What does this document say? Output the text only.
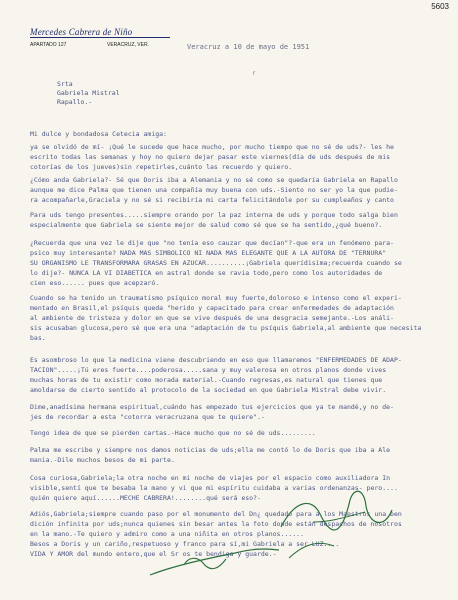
5603
Mercedes Cabrera de Niño
APARTADO 127	VERACRUZ, VER.	Veracruz a 10 de mayo de 1951
r
Srta
Gabriela Mistral
Rapallo.-
Mi dulce y bondadosa Cetecia amiga:
ya se olvidó de mí- ¡Qué le sucede que hace mucho, por mucho tiempo que no sé de uds?- les he
escrito todas las semanas y hoy no quiero dejar pasar este viernes(día de uds después de mis
cotorías de los jueves)sin repetirles,cuánto las recuerdo y quiero.
¿Cómo anda Gabriela?- Sé que Doris iba a Alemania y no sé como se quedaría Gabriela en Rapallo
aunque me dice Palma que tienen una compañía muy buena con uds.-Siento no ser yo la que pudie-
ra acompañarle,Graciela y no sé si recibiría mi carta felicitándole por su cumpleaños y canto
Para uds tengo presentes.....siempre orando por la paz interna de uds y porque todo salga bien
especialmente que Gabriela se siente mejor de salud como sé que se ha sentido,¿qué bueno?.
¿Recuerda que una vez le dije que "no tenía eso cauzar que decían"?-que era un fenómeno para-
psico muy interesante? NADA MAS SIMBOLICO NI NADA MAS ELEGANTE QUE A LA AUTORA DE "TERNURA"
SU ORGANISMO LE TRANSFORMARA GRASAS EN AZUCAR..........¡Gabriela querídisima;recuerda cuando se
lo dije?- NUNCA LA VI DIABETICA en astral donde se ravia todo,pero como los autoridades de
cien eso...... pues que acepzaró.
Cuando se ha tenido un traumatismo psíquico moral muy fuerte,doloroso e intenso como el experi-
mentado en Brasil,el psíquis queda "herido y capacitado para crear enfermedades de adaptación
al ambiente de tristeza y dolor en que se vive después de una desgracia semejante.-Los análi-
sis acusaban glucosa,pero sé que era una "adaptación de tu psíquis Gabriela,al ambiente que necesita
bas.
Es asombroso lo que la medicina viene descubriendo en eso que llamaremos "ENFERMEDADES DE ADAP-
TACION".....¡Tú eres fuerte....poderosa.....sana y muy valerosa en otros planos donde vives
muchas horas de tu existir como morada material.-Cuando regresas,es natural que tienes que
amoldarse de cierto sentido al protocolo de la sociedad en que Gabriela Mistral debe vivir.
Dime,anadísima hermana espiritual,cuándo has empezado tus ejercicios que ya te mandé,y no de-
jes de recordar a esta "cotorra veracruzana que te quiere".-
Tengo idea de que se pierden cartas.-Hace mucho que no sé de uds.........
Palma me escribe y siempre nos damos noticias de uds;ella me contó lo de Doris que iba a Ale
mania.-Dile muchos besos de mi parte.
Cosa curiosa,Gabriela;la otra noche en mi noche de viajes por el espacio como auxiliadora In
visible,sentí que te besaba la mano y vi que mi espíritu cuidaba a varias ordenanzas- pero....
quién quiere aquí......MECHE CABRERA!........qué será eso?-
Adiós,Gabriela;siempre cuando paso por el monumento del Dn¿ quedado para a los Maestros una ben
dición infinita por uds;nunca quienes sin besar antes la foto donde están despachos de nosotros
en la mano.-Te quiero y admiro como a una niñita en otros planos......
Besos a Doris y un cariño,respetuoso y franco para sí,mi Gabriela a ser LUZ....
VIDA Y AMOR del mundo entero,que el Sr os te bendiga y guarde.-
